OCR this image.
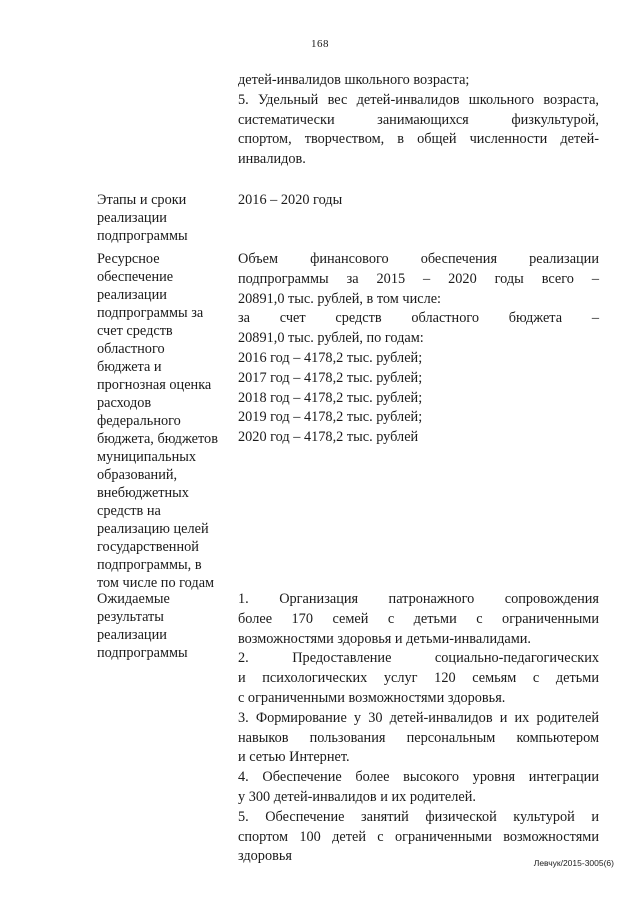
168
детей-инвалидов школьного возраста;
5. Удельный вес детей-инвалидов школьного возраста,
систематически занимающихся физкультурой,
спортом, творчеством, в общей численности детей-
инвалидов.
Этапы и сроки
реализации
подпрограммы
2016 – 2020 годы
Ресурсное
обеспечение
реализации
подпрограммы за
счет средств
областного
бюджета и
прогнозная оценка
расходов
федерального
бюджета, бюджетов
муниципальных
образований,
внебюджетных
средств на
реализацию целей
государственной
подпрограммы, в
том числе по годам
Объем финансового обеспечения реализации
подпрограммы за 2015 – 2020 годы всего –
20891,0 тыс. рублей, в том числе:
за счет средств областного бюджета –
20891,0 тыс. рублей, по годам:
2016 год – 4178,2 тыс. рублей;
2017 год – 4178,2 тыс. рублей;
2018 год – 4178,2 тыс. рублей;
2019 год – 4178,2 тыс. рублей;
2020 год – 4178,2 тыс. рублей
Ожидаемые
результаты
реализации
подпрограммы
1. Организация патронажного сопровождения
более 170 семей с детьми с ограниченными
возможностями здоровья и детьми-инвалидами.
2. Предоставление социально-педагогических
и психологических услуг 120 семьям с детьми
с ограниченными возможностями здоровья.
3. Формирование у 30 детей-инвалидов и их родителей
навыков пользования персональным компьютером
и сетью Интернет.
4. Обеспечение более высокого уровня интеграции
у 300 детей-инвалидов и их родителей.
5. Обеспечение занятий физической культурой и
спортом 100 детей с ограниченными возможностями
здоровья	Левчук/2015-3005(6)
